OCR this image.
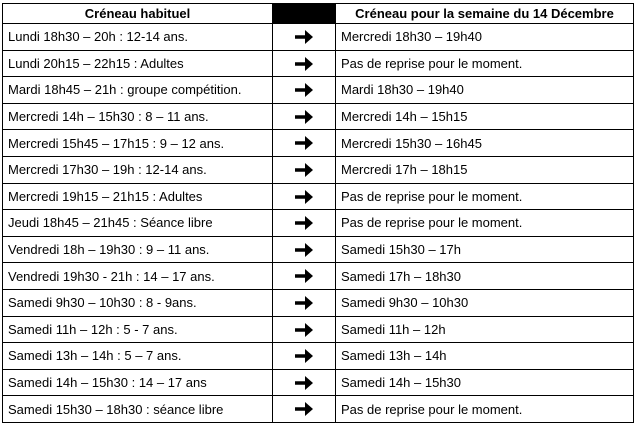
Créneau habituel		Créneau pour la semaine du 14 Décembre
Lundi 18h30 – 20h : 12-14 ans.		Mercredi 18h30 – 19h40
Lundi 20h15 – 22h15 : Adultes		Pas de reprise pour le moment.
Mardi 18h45 – 21h : groupe compétition.		Mardi 18h30 – 19h40
Mercredi 14h – 15h30 : 8 – 11 ans.		Mercredi 14h – 15h15
Mercredi 15h45 – 17h15 : 9 – 12 ans.		Mercredi 15h30 – 16h45
Mercredi 17h30 – 19h : 12-14 ans.		Mercredi 17h – 18h15
Mercredi 19h15 – 21h15 : Adultes		Pas de reprise pour le moment.
Jeudi 18h45 – 21h45 : Séance libre		Pas de reprise pour le moment.
Vendredi 18h – 19h30 : 9 – 11 ans.		Samedi 15h30 – 17h
Vendredi 19h30 - 21h : 14 – 17 ans.		Samedi 17h – 18h30
Samedi 9h30 – 10h30 : 8 - 9ans.		Samedi 9h30 – 10h30
Samedi 11h – 12h : 5 - 7 ans.		Samedi 11h – 12h
Samedi 13h – 14h : 5 – 7 ans.		Samedi 13h – 14h
Samedi 14h – 15h30 : 14 – 17 ans		Samedi 14h – 15h30
Samedi 15h30 – 18h30 : séance libre		Pas de reprise pour le moment.
